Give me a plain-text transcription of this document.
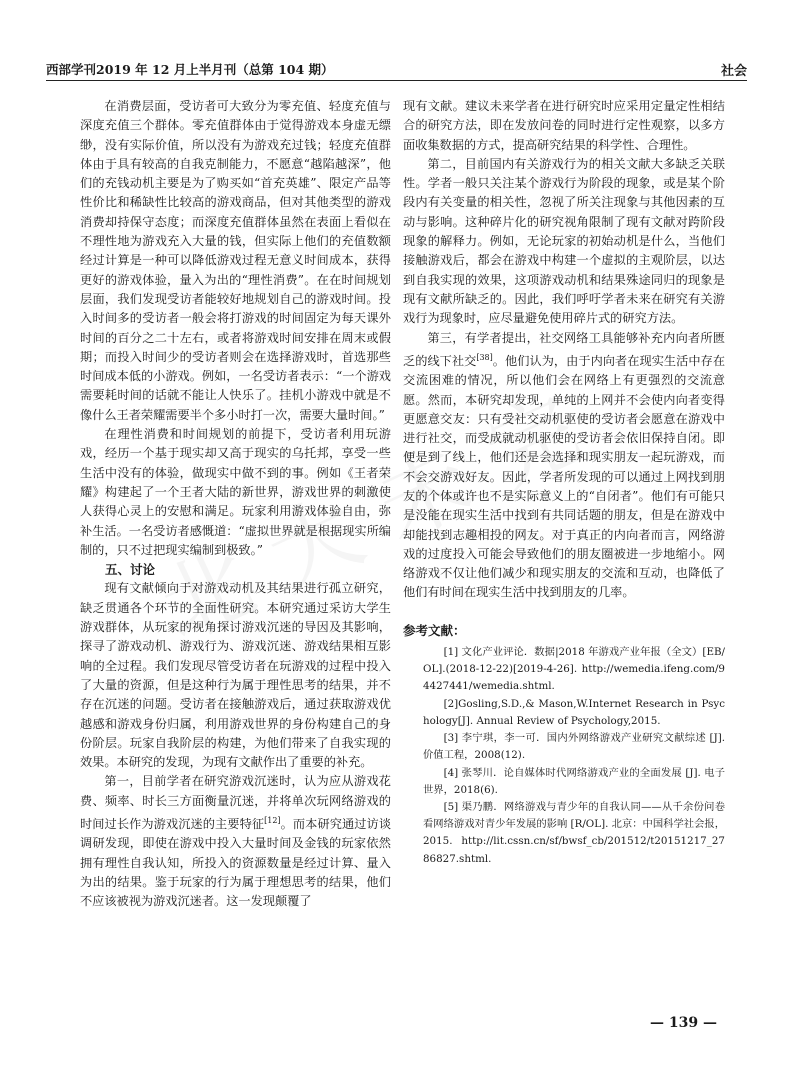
西部学刊2019 年 12 月上半月刊（总第 104 期）	社会

在消费层面，受访者可大致分为零充值、轻度充值与深度充值三个群体。零充值群体由于觉得游戏本身虚无缥缈，没有实际价值，所以没有为游戏充过钱；轻度充值群体由于具有较高的自我克制能力，不愿意“越陷越深”，他们的充钱动机主要是为了购买如“首充英雄”、限定产品等性价比和稀缺性比较高的游戏商品，但对其他类型的游戏消费却持保守态度；而深度充值群体虽然在表面上看似在不理性地为游戏充入大量的钱，但实际上他们的充值数额经过计算是一种可以降低游戏过程无意义时间成本，获得更好的游戏体验，量入为出的“理性消费”。在在时间规划层面，我们发现受访者能较好地规划自己的游戏时间。投入时间多的受访者一般会将打游戏的时间固定为每天课外时间的百分之二十左右，或者将游戏时间安排在周末或假期；而投入时间少的受访者则会在选择游戏时，首选那些时间成本低的小游戏。例如，一名受访者表示：“一个游戏需要耗时间的话就不能让人快乐了。挂机小游戏中就是不像什么王者荣耀需要半个多小时打一次，需要大量时间。”

在理性消费和时间规划的前提下，受访者利用玩游戏，经历一个基于现实却又高于现实的乌托邦，享受一些生活中没有的体验，做现实中做不到的事。例如《王者荣耀》构建起了一个王者大陆的新世界，游戏世界的刺激使人获得心灵上的安慰和满足。玩家利用游戏体验自由，弥补生活。一名受访者感慨道：“虚拟世界就是根据现实所编制的，只不过把现实编制到极致。”

五、讨论

现有文献倾向于对游戏动机及其结果进行孤立研究，缺乏贯通各个环节的全面性研究。本研究通过采访大学生游戏群体，从玩家的视角探讨游戏沉迷的导因及其影响，探寻了游戏动机、游戏行为、游戏沉迷、游戏结果相互影响的全过程。我们发现尽管受访者在玩游戏的过程中投入了大量的资源，但是这种行为属于理性思考的结果，并不存在沉迷的问题。受访者在接触游戏后，通过获取游戏优越感和游戏身份归属，利用游戏世界的身份构建自己的身份阶层。玩家自我阶层的构建，为他们带来了自我实现的效果。本研究的发现，为现有文献作出了重要的补充。

第一，目前学者在研究游戏沉迷时，认为应从游戏花费、频率、时长三方面衡量沉迷，并将单次玩网络游戏的时间过长作为游戏沉迷的主要特征[12]。而本研究通过访谈调研发现，即使在游戏中投入大量时间及金钱的玩家依然拥有理性自我认知，所投入的资源数量是经过计算、量入为出的结果。鉴于玩家的行为属于理想思考的结果，他们不应该被视为游戏沉迷者。这一发现颠覆了

现有文献。建议未来学者在进行研究时应采用定量定性相结合的研究方法，即在发放问卷的同时进行定性观察，以多方面收集数据的方式，提高研究结果的科学性、合理性。

第二，目前国内有关游戏行为的相关文献大多缺乏关联性。学者一般只关注某个游戏行为阶段的现象，或是某个阶段内有关变量的相关性，忽视了所关注现象与其他因素的互动与影响。这种碎片化的研究视角限制了现有文献对跨阶段现象的解释力。例如，无论玩家的初始动机是什么，当他们接触游戏后，都会在游戏中构建一个虚拟的主观阶层，以达到自我实现的效果，这项游戏动机和结果殊途同归的现象是现有文献所缺乏的。因此，我们呼吁学者未来在研究有关游戏行为现象时，应尽量避免使用碎片式的研究方法。

第三，有学者提出，社交网络工具能够补充内向者所匮乏的线下社交[38]。他们认为，由于内向者在现实生活中存在交流困难的情况，所以他们会在网络上有更强烈的交流意愿。然而，本研究却发现，单纯的上网并不会使内向者变得更愿意交友：只有受社交动机驱使的受访者会愿意在游戏中进行社交，而受成就动机驱使的受访者会依旧保持自闭。即便是到了线上，他们还是会选择和现实朋友一起玩游戏，而不会交游戏好友。因此，学者所发现的可以通过上网找到朋友的个体或许也不是实际意义上的“自闭者”。他们有可能只是没能在现实生活中找到有共同话题的朋友，但是在游戏中却能找到志趣相投的网友。对于真正的内向者而言，网络游戏的过度投入可能会导致他们的朋友圈被进一步地缩小。网络游戏不仅让他们减少和现实朋友的交流和互动，也降低了他们有时间在现实生活中找到朋友的几率。

参考文献：

[1] 文化产业评论．数据|2018 年游戏产业年报（全文）[EB/OL].(2018-12-22)[2019-4-26]. http://wemedia.ifeng.com/94427441/wemedia.shtml.

[2]Gosling,S.D.,& Mason,W.Internet Research in Psychology[J]. Annual Review of Psychology,2015.

[3] 李宁琪，李一可．国内外网络游戏产业研究文献综述 [J]. 价值工程，2008(12).

[4] 张琴川．论自媒体时代网络游戏产业的全面发展 [J]. 电子世界，2018(6).

[5] 渠乃鹏．网络游戏与青少年的自我认同——从千余份问卷看网络游戏对青少年发展的影响 [R/OL]. 北京：中国科学社会报，2015. http://lit.cssn.cn/sf/bwsf_cb/201512/t20151217_2786827.shtml.

— 139 —
